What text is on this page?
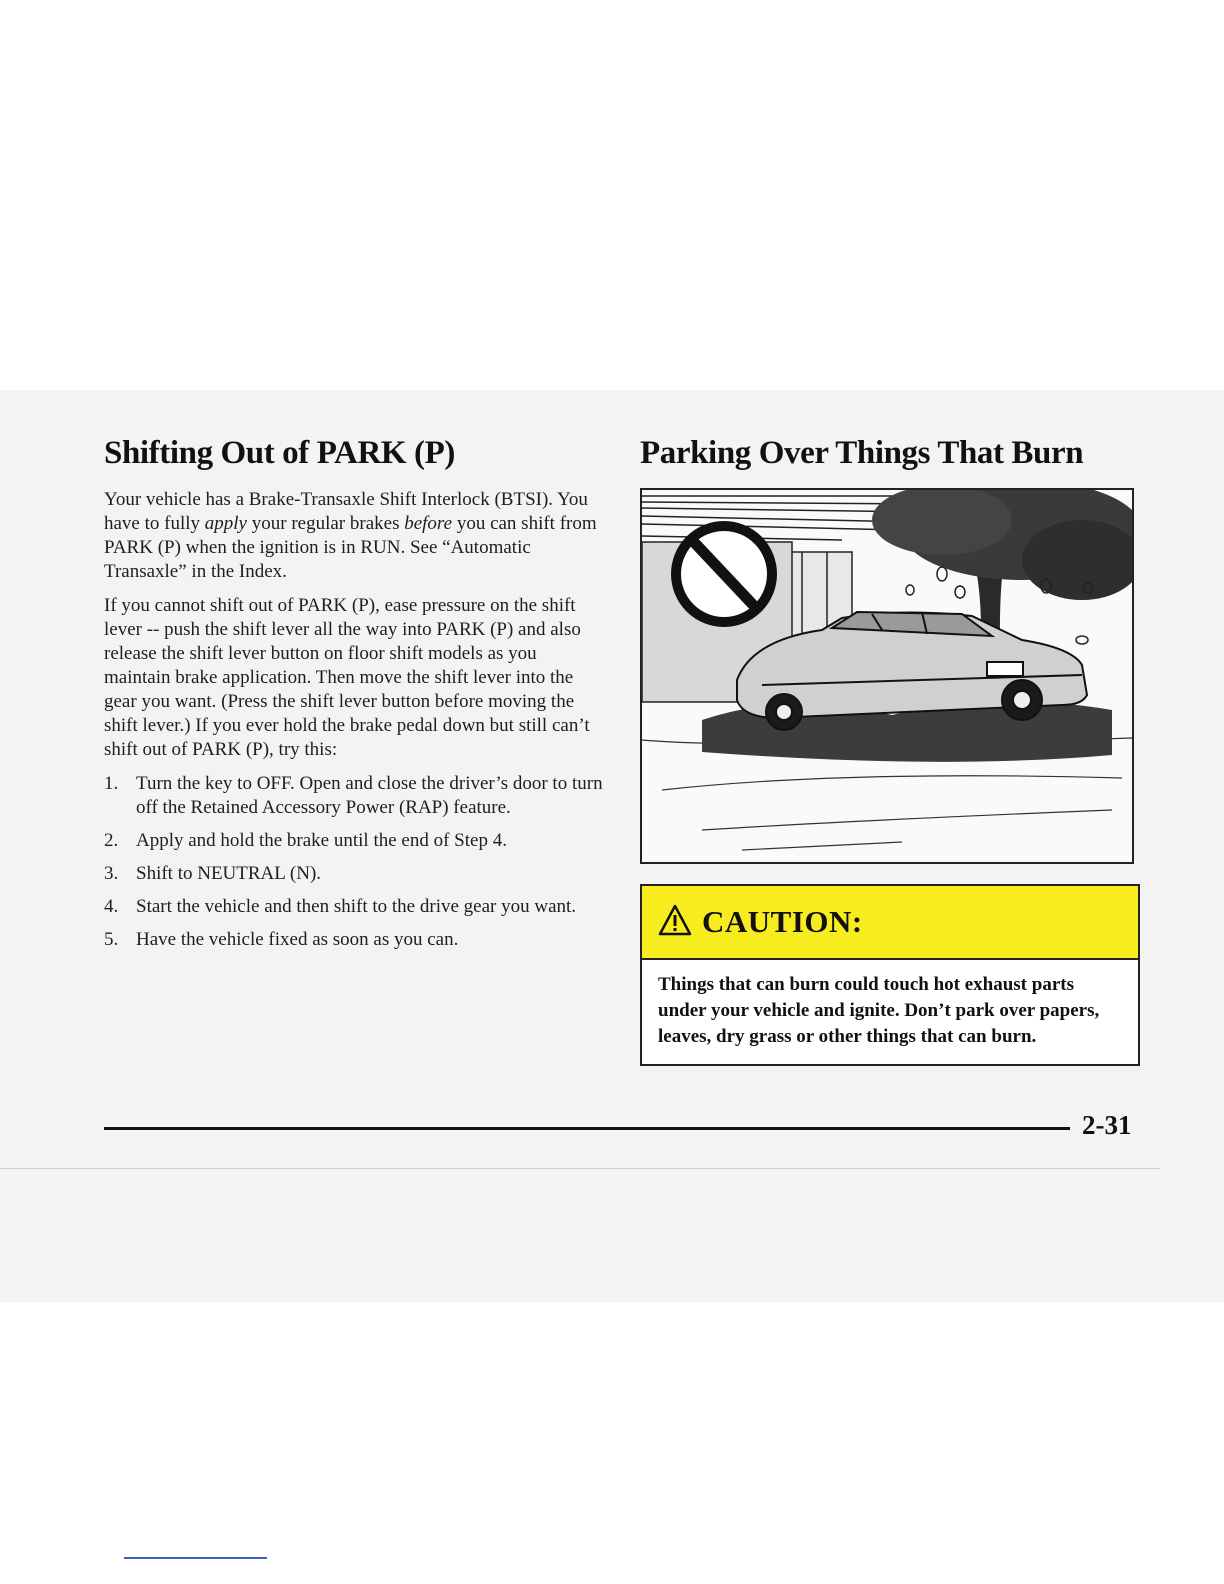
Shifting Out of PARK (P)

Your vehicle has a Brake-Transaxle Shift Interlock (BTSI). You have to fully apply your regular brakes before you can shift from PARK (P) when the ignition is in RUN. See “Automatic Transaxle” in the Index.

If you cannot shift out of PARK (P), ease pressure on the shift lever -- push the shift lever all the way into PARK (P) and also release the shift lever button on floor shift models as you maintain brake application. Then move the shift lever into the gear you want. (Press the shift lever button before moving the shift lever.) If you ever hold the brake pedal down but still can’t shift out of PARK (P), try this:

1. Turn the key to OFF. Open and close the driver’s door to turn off the Retained Accessory Power (RAP) feature.
2. Apply and hold the brake until the end of Step 4.
3. Shift to NEUTRAL (N).
4. Start the vehicle and then shift to the drive gear you want.
5. Have the vehicle fixed as soon as you can.
Parking Over Things That Burn
CAUTION:
Things that can burn could touch hot exhaust parts under your vehicle and ignite. Don’t park over papers, leaves, dry grass or other things that can burn.
2-31
